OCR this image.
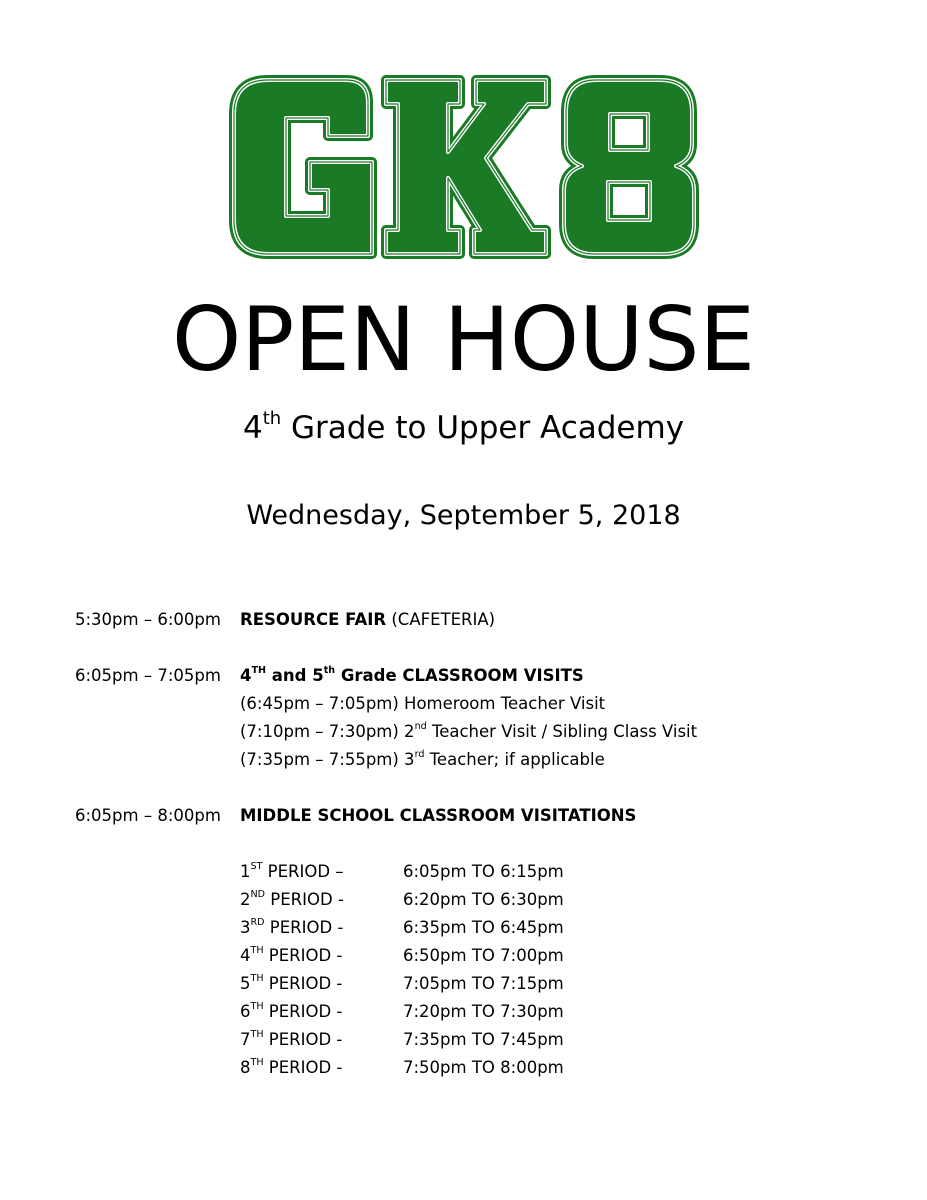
OPEN HOUSE
4th Grade to Upper Academy
Wednesday, September 5, 2018
5:30pm – 6:00pm RESOURCE FAIR (CAFETERIA)
6:05pm – 7:05pm 4TH and 5th Grade CLASSROOM VISITS
(6:45pm – 7:05pm) Homeroom Teacher Visit
(7:10pm – 7:30pm) 2nd Teacher Visit / Sibling Class Visit
(7:35pm – 7:55pm) 3rd Teacher; if applicable
6:05pm – 8:00pm MIDDLE SCHOOL CLASSROOM VISITATIONS
1ST PERIOD –	6:05pm TO 6:15pm
2ND PERIOD -	6:20pm TO 6:30pm
3RD PERIOD -	6:35pm TO 6:45pm
4TH PERIOD -	6:50pm TO 7:00pm
5TH PERIOD -	7:05pm TO 7:15pm
6TH PERIOD -	7:20pm TO 7:30pm
7TH PERIOD -	7:35pm TO 7:45pm
8TH PERIOD -	7:50pm TO 8:00pm
